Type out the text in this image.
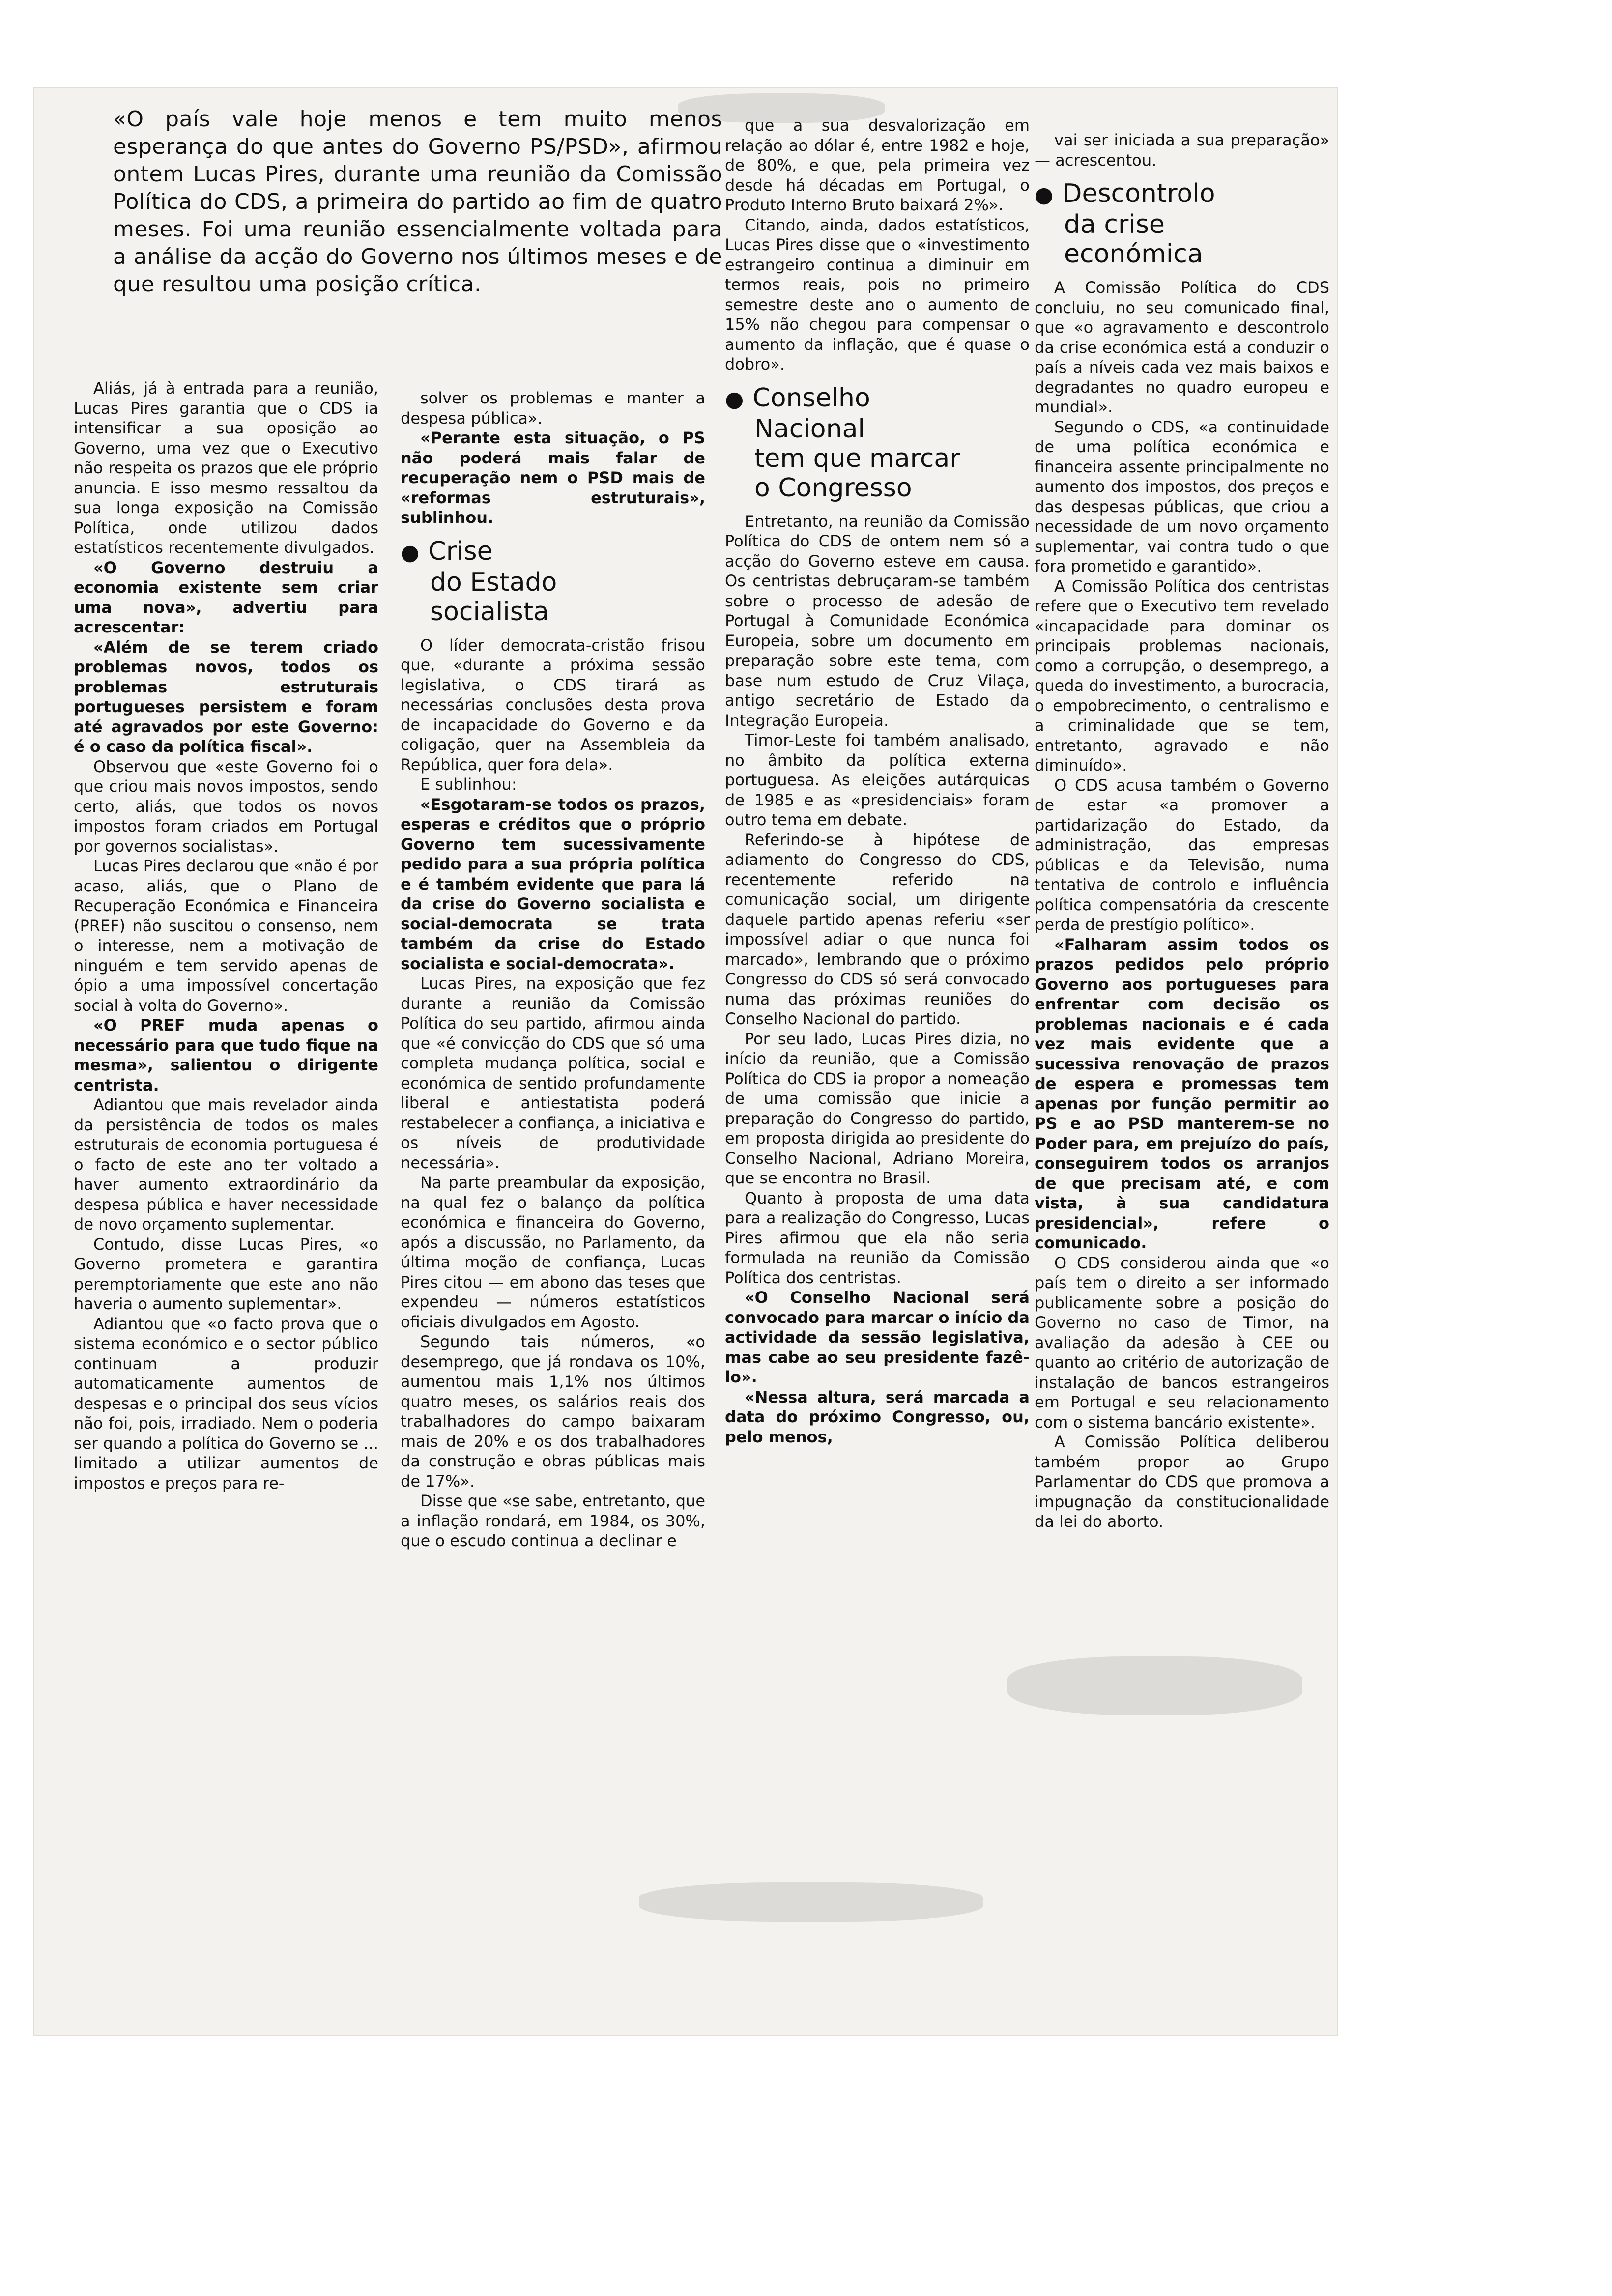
«O país vale hoje menos e tem muito menos esperança do que antes do Governo PS/PSD», afirmou ontem Lucas Pires, durante uma reunião da Comissão Política do CDS, a primeira do partido ao fim de quatro meses. Foi uma reunião essencialmente voltada para a análise da acção do Governo nos últimos meses e de que resultou uma posição crítica.

Aliás, já à entrada para a reunião, Lucas Pires garantia que o CDS ia intensificar a sua oposição ao Governo, uma vez que o Executivo não respeita os prazos que ele próprio anuncia. E isso mesmo ressaltou da sua longa exposição na Comissão Política, onde utilizou dados estatísticos recentemente divulgados.

«O Governo destruiu a economia existente sem criar uma nova», advertiu para acrescentar:

«Além de se terem criado problemas novos, todos os problemas estruturais portugueses persistem e foram até agravados por este Governo: é o caso da política fiscal».

Observou que «este Governo foi o que criou mais novos impostos, sendo certo, aliás, que todos os novos impostos foram criados em Portugal por governos socialistas».

Lucas Pires declarou que «não é por acaso, aliás, que o Plano de Recuperação Económica e Financeira (PREF) não suscitou o consenso, nem o interesse, nem a motivação de ninguém e tem servido apenas de ópio a uma impossível concertação social à volta do Governo».

«O PREF muda apenas o necessário para que tudo fique na mesma», salientou o dirigente centrista.

Adiantou que mais revelador ainda da persistência de todos os males estruturais de economia portuguesa é o facto de este ano ter voltado a haver aumento extraordinário da despesa pública e haver necessidade de novo orçamento suplementar.

Contudo, disse Lucas Pires, «o Governo prometera e garantira peremptoriamente que este ano não haveria o aumento suplementar».

Adiantou que «o facto prova que o sistema económico e o sector público continuam a produzir automaticamente aumentos de despesas e o principal dos seus vícios não foi, pois, irradiado. Nem o poderia ser quando a política do Governo se ... limitado a utilizar aumentos de impostos e preços para re-

solver os problemas e manter a despesa pública».

«Perante esta situação, o PS não poderá mais falar de recuperação nem o PSD mais de «reformas estruturais», sublinhou.

● Crise
do Estado
socialista

O líder democrata-cristão frisou que, «durante a próxima sessão legislativa, o CDS tirará as necessárias conclusões desta prova de incapacidade do Governo e da coligação, quer na Assembleia da República, quer fora dela».

E sublinhou:

«Esgotaram-se todos os prazos, esperas e créditos que o próprio Governo tem sucessivamente pedido para a sua própria política e é também evidente que para lá da crise do Governo socialista e social-democrata se trata também da crise do Estado socialista e social-democrata».

Lucas Pires, na exposição que fez durante a reunião da Comissão Política do seu partido, afirmou ainda que «é convicção do CDS que só uma completa mudança política, social e económica de sentido profundamente liberal e antiestatista poderá restabelecer a confiança, a iniciativa e os níveis de produtividade necessária».

Na parte preambular da exposição, na qual fez o balanço da política económica e financeira do Governo, após a discussão, no Parlamento, da última moção de confiança, Lucas Pires citou — em abono das teses que expendeu — números estatísticos oficiais divulgados em Agosto.

Segundo tais números, «o desemprego, que já rondava os 10%, aumentou mais 1,1% nos últimos quatro meses, os salários reais dos trabalhadores do campo baixaram mais de 20% e os dos trabalhadores da construção e obras públicas mais de 17%».

Disse que «se sabe, entretanto, que a inflação rondará, em 1984, os 30%, que o escudo continua a declinar e

que a sua desvalorização em relação ao dólar é, entre 1982 e hoje, de 80%, e que, pela primeira vez desde há décadas em Portugal, o Produto Interno Bruto baixará 2%».

Citando, ainda, dados estatísticos, Lucas Pires disse que o «investimento estrangeiro continua a diminuir em termos reais, pois no primeiro semestre deste ano o aumento de 15% não chegou para compensar o aumento da inflação, que é quase o dobro».

● Conselho
Nacional
tem que marcar
o Congresso

Entretanto, na reunião da Comissão Política do CDS de ontem nem só a acção do Governo esteve em causa. Os centristas debruçaram-se também sobre o processo de adesão de Portugal à Comunidade Económica Europeia, sobre um documento em preparação sobre este tema, com base num estudo de Cruz Vilaça, antigo secretário de Estado da Integração Europeia.

Timor-Leste foi também analisado, no âmbito da política externa portuguesa. As eleições autárquicas de 1985 e as «presidenciais» foram outro tema em debate.

Referindo-se à hipótese de adiamento do Congresso do CDS, recentemente referido na comunicação social, um dirigente daquele partido apenas referiu «ser impossível adiar o que nunca foi marcado», lembrando que o próximo Congresso do CDS só será convocado numa das próximas reuniões do Conselho Nacional do partido.

Por seu lado, Lucas Pires dizia, no início da reunião, que a Comissão Política do CDS ia propor a nomeação de uma comissão que inicie a preparação do Congresso do partido, em proposta dirigida ao presidente do Conselho Nacional, Adriano Moreira, que se encontra no Brasil.

Quanto à proposta de uma data para a realização do Congresso, Lucas Pires afirmou que ela não seria formulada na reunião da Comissão Política dos centristas.

«O Conselho Nacional será convocado para marcar o início da actividade da sessão legislativa, mas cabe ao seu presidente fazê-lo».

«Nessa altura, será marcada a data do próximo Congresso, ou, pelo menos,

vai ser iniciada a sua preparação» — acrescentou.

● Descontrolo
da crise
económica

A Comissão Política do CDS concluiu, no seu comunicado final, que «o agravamento e descontrolo da crise económica está a conduzir o país a níveis cada vez mais baixos e degradantes no quadro europeu e mundial».

Segundo o CDS, «a continuidade de uma política económica e financeira assente principalmente no aumento dos impostos, dos preços e das despesas públicas, que criou a necessidade de um novo orçamento suplementar, vai contra tudo o que fora prometido e garantido».

A Comissão Política dos centristas refere que o Executivo tem revelado «incapacidade para dominar os principais problemas nacionais, como a corrupção, o desemprego, a queda do investimento, a burocracia, o empobrecimento, o centralismo e a criminalidade que se tem, entretanto, agravado e não diminuído».

O CDS acusa também o Governo de estar «a promover a partidarização do Estado, da administração, das empresas públicas e da Televisão, numa tentativa de controlo e influência política compensatória da crescente perda de prestígio político».

«Falharam assim todos os prazos pedidos pelo próprio Governo aos portugueses para enfrentar com decisão os problemas nacionais e é cada vez mais evidente que a sucessiva renovação de prazos de espera e promessas tem apenas por função permitir ao PS e ao PSD manterem-se no Poder para, em prejuízo do país, conseguirem todos os arranjos de que precisam até, e com vista, à sua candidatura presidencial», refere o comunicado.

O CDS considerou ainda que «o país tem o direito a ser informado publicamente sobre a posição do Governo no caso de Timor, na avaliação da adesão à CEE ou quanto ao critério de autorização de instalação de bancos estrangeiros em Portugal e seu relacionamento com o sistema bancário existente».

A Comissão Política deliberou também propor ao Grupo Parlamentar do CDS que promova a impugnação da constitucionalidade da lei do aborto.
